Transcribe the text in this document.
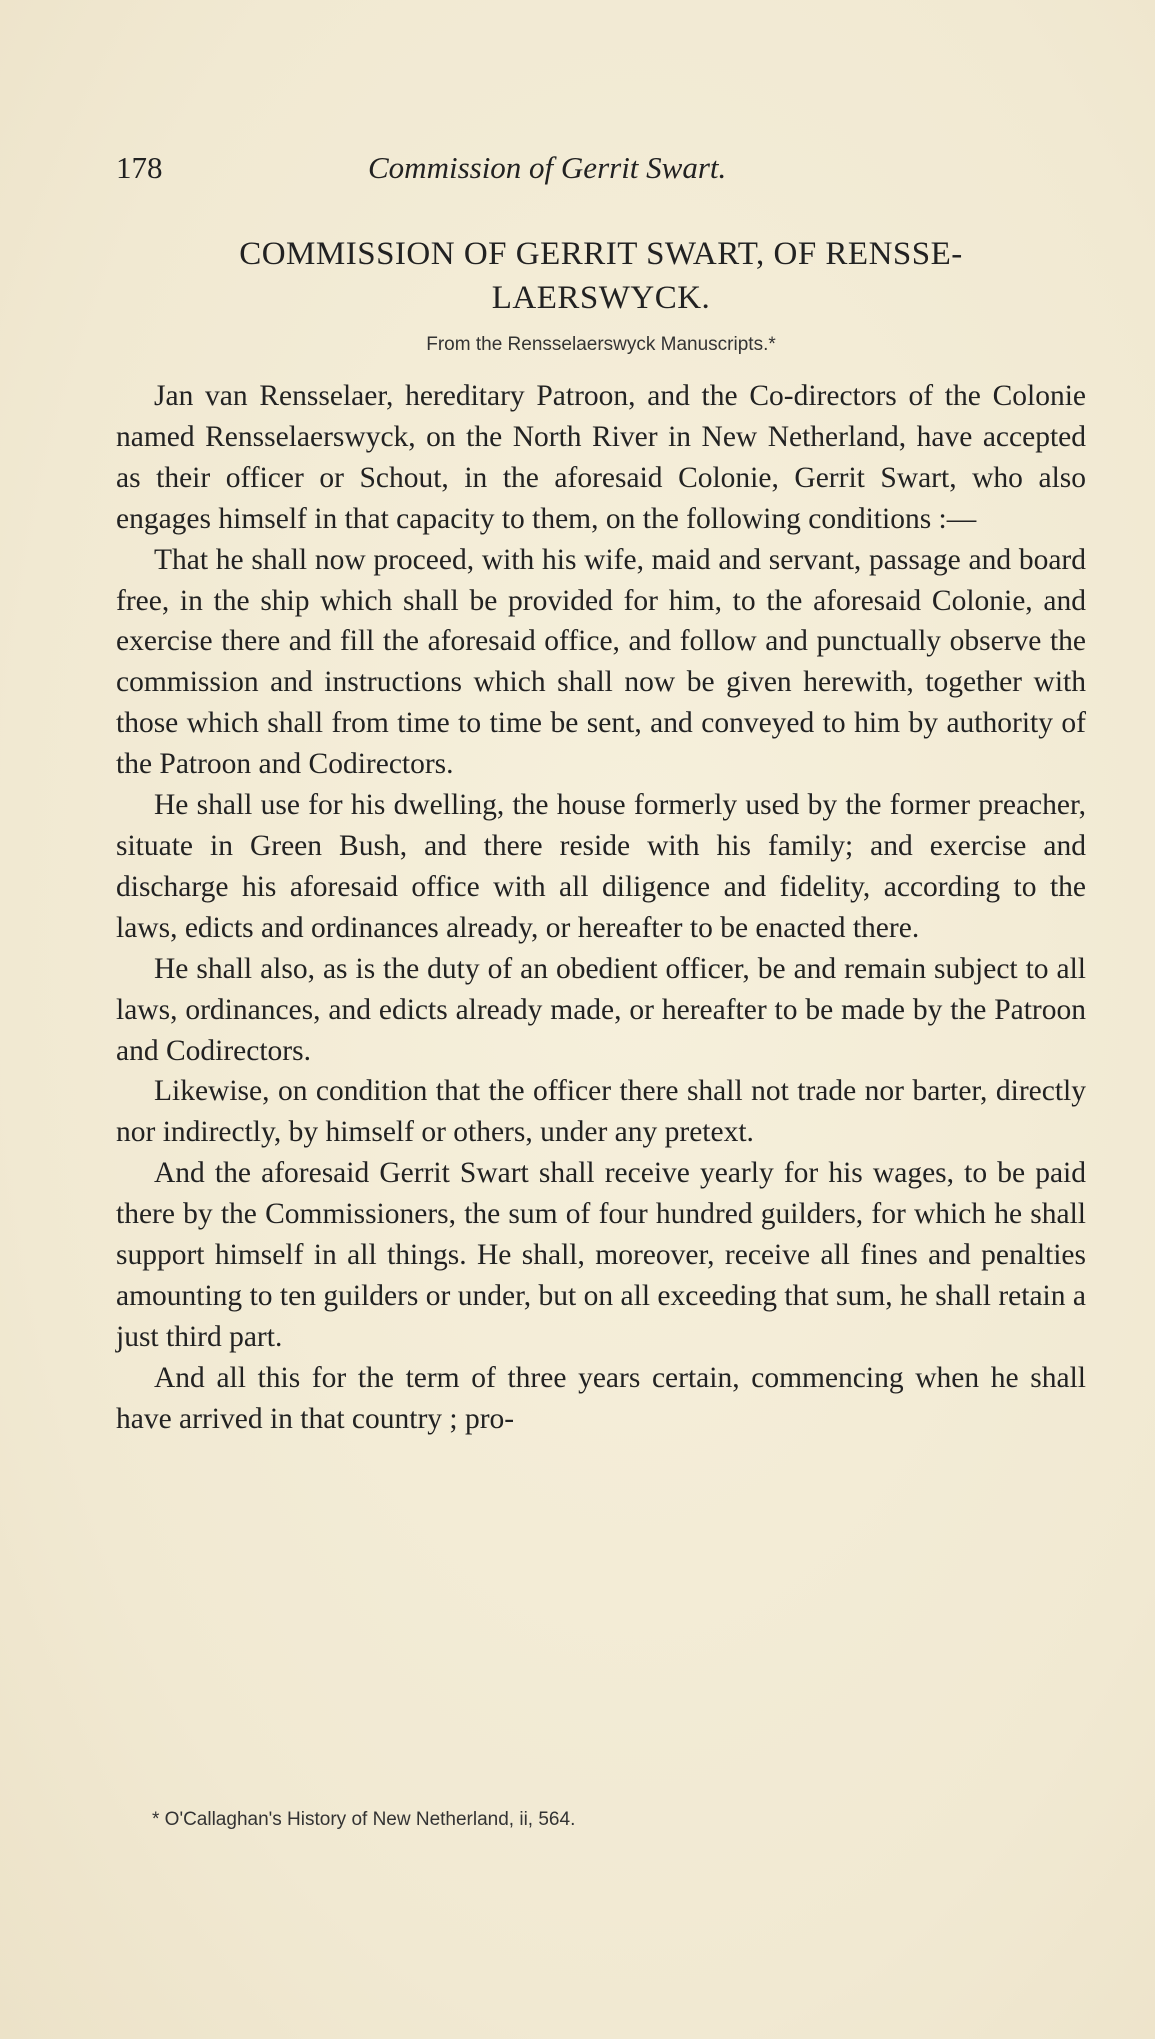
178	Commission of Gerrit Swart.
COMMISSION OF GERRIT SWART, OF RENSSE-
LAERSWYCK.
From the Rensselaerswyck Manuscripts.*

Jan van Rensselaer, hereditary Patroon, and the Co-directors of the Colonie named Rensselaerswyck, on the North River in New Netherland, have accepted as their officer or Schout, in the aforesaid Colonie, Gerrit Swart, who also engages himself in that capacity to them, on the following conditions :—

That he shall now proceed, with his wife, maid and servant, passage and board free, in the ship which shall be provided for him, to the aforesaid Colonie, and exercise there and fill the aforesaid office, and follow and punctually observe the commission and instructions which shall now be given herewith, together with those which shall from time to time be sent, and conveyed to him by authority of the Patroon and Codirectors.

He shall use for his dwelling, the house formerly used by the former preacher, situate in Green Bush, and there reside with his family; and exercise and discharge his aforesaid office with all diligence and fidelity, according to the laws, edicts and ordinances already, or hereafter to be enacted there.

He shall also, as is the duty of an obedient officer, be and remain subject to all laws, ordinances, and edicts already made, or hereafter to be made by the Patroon and Codirectors.

Likewise, on condition that the officer there shall not trade nor barter, directly nor indirectly, by himself or others, under any pretext.

And the aforesaid Gerrit Swart shall receive yearly for his wages, to be paid there by the Commissioners, the sum of four hundred guilders, for which he shall support himself in all things. He shall, moreover, receive all fines and penalties amounting to ten guilders or under, but on all exceeding that sum, he shall retain a just third part.

And all this for the term of three years certain, commencing when he shall have arrived in that country ; pro-

* O'Callaghan's History of New Netherland, ii, 564.
